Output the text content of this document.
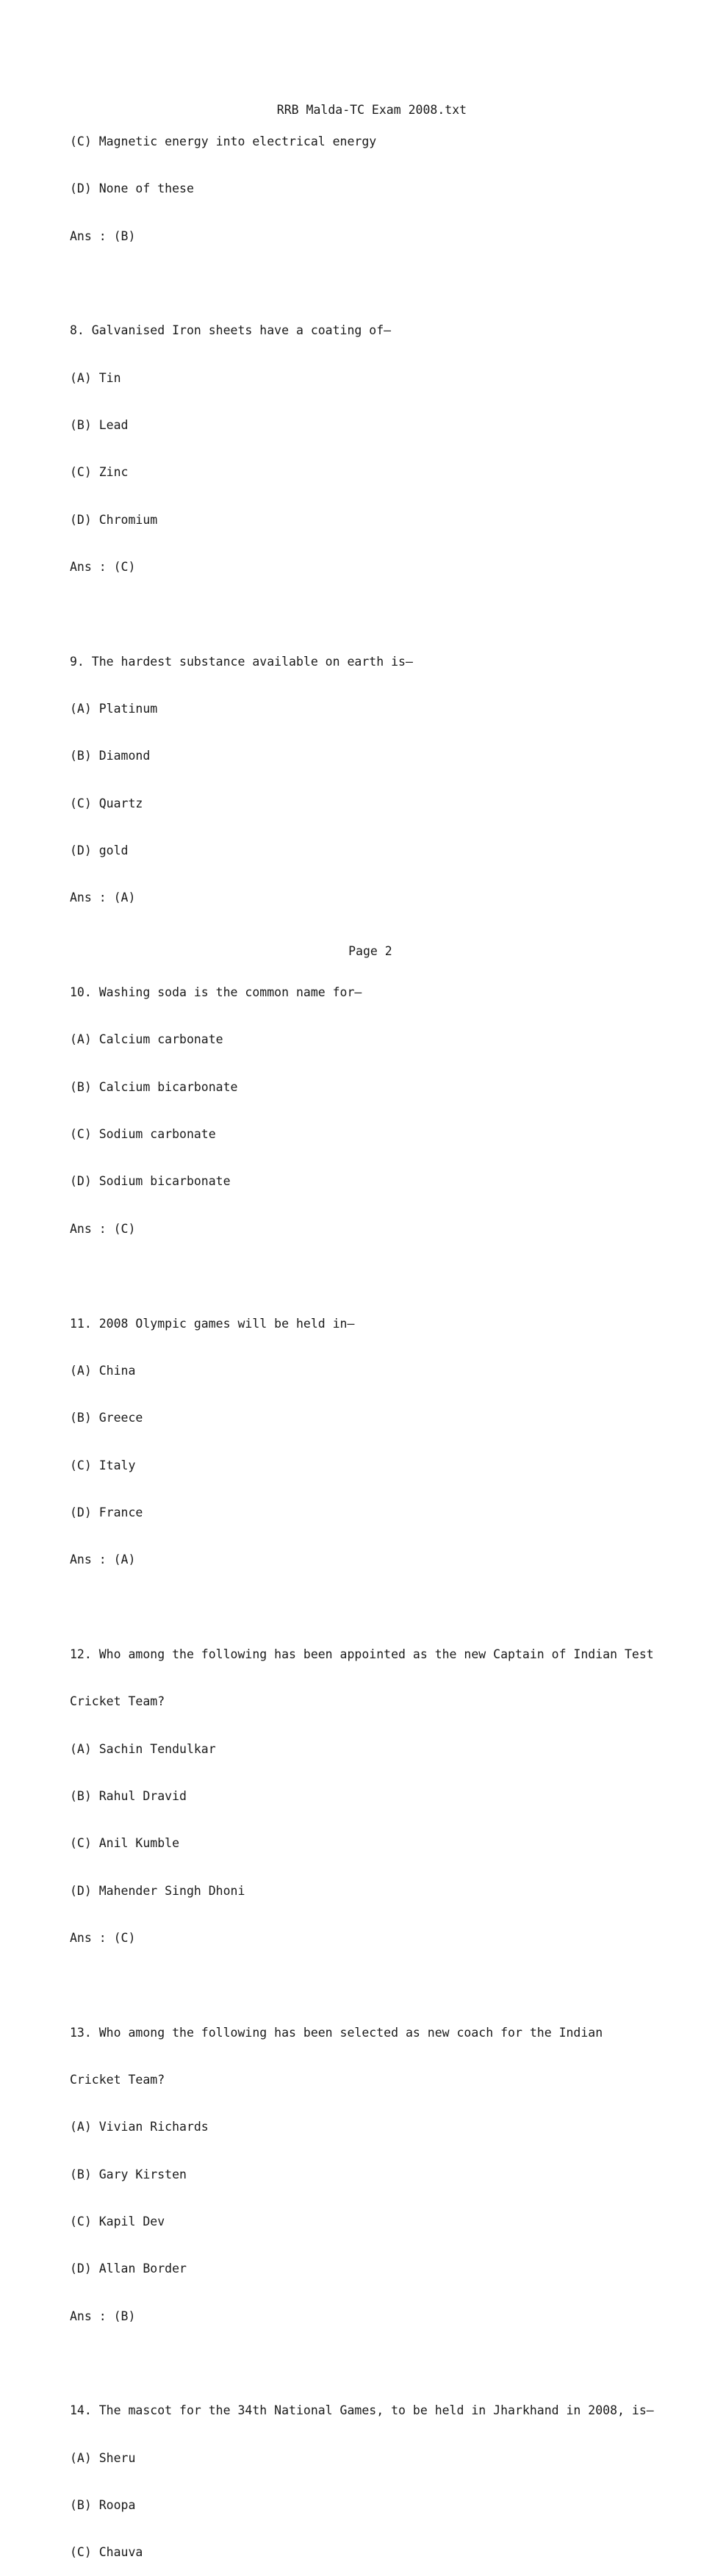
RRB Malda-TC Exam 2008.txt

(C) Magnetic energy into electrical energy

(D) None of these

Ans : (B)

8. Galvanised Iron sheets have a coating of—

(A) Tin

(B) Lead

(C) Zinc

(D) Chromium

Ans : (C)

9. The hardest substance available on earth is—

(A) Platinum

(B) Diamond

(C) Quartz

(D) gold

Ans : (A)

10. Washing soda is the common name for—

(A) Calcium carbonate

(B) Calcium bicarbonate

(C) Sodium carbonate

(D) Sodium bicarbonate

Ans : (C)

11. 2008 Olympic games will be held in—

(A) China

(B) Greece

(C) Italy

(D) France

Ans : (A)

12. Who among the following has been appointed as the new Captain of Indian Test

Cricket Team?

(A) Sachin Tendulkar

(B) Rahul Dravid

(C) Anil Kumble

(D) Mahender Singh Dhoni

Ans : (C)

13. Who among the following has been selected as new coach for the Indian

Cricket Team?

(A) Vivian Richards

(B) Gary Kirsten

(C) Kapil Dev

(D) Allan Border

Ans : (B)

14. The mascot for the 34th National Games, to be held in Jharkhand in 2008, is—

(A) Sheru

(B) Roopa

(C) Chauva

Page 2
